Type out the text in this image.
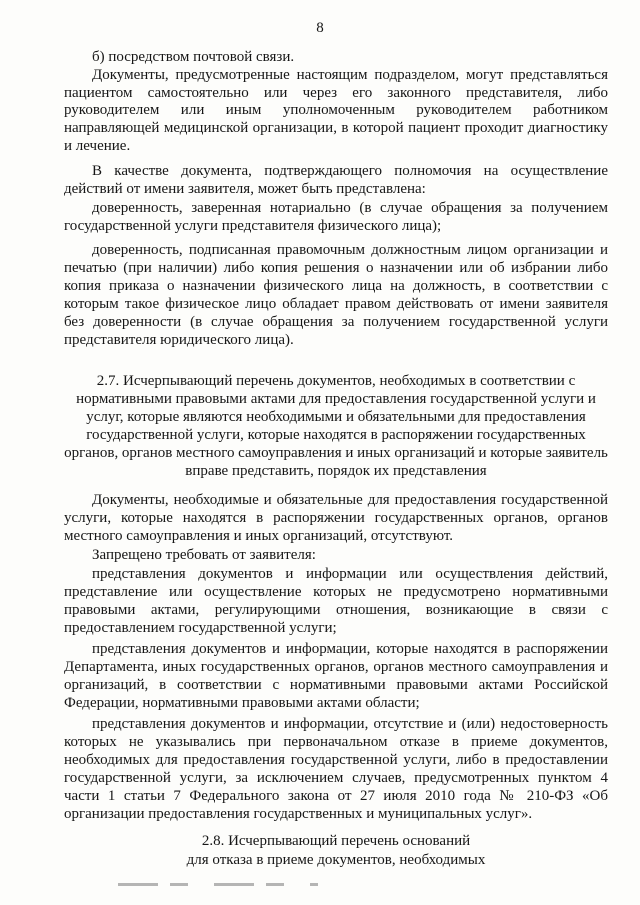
8
б) посредством почтовой связи.
Документы, предусмотренные настоящим подразделом, могут представляться
пациентом самостоятельно или через его законного представителя, либо
руководителем или иным уполномоченным руководителем работником
направляющей медицинской организации, в которой пациент проходит диагностику
и лечение.
В качестве документа, подтверждающего полномочия на осуществление
действий от имени заявителя, может быть представлена:
доверенность, заверенная нотариально (в случае обращения за получением
государственной услуги представителя физического лица);
доверенность, подписанная правомочным должностным лицом организации и
печатью (при наличии) либо копия решения о назначении или об избрании либо
копия приказа о назначении физического лица на должность, в соответствии с
которым такое физическое лицо обладает правом действовать от имени заявителя
без доверенности (в случае обращения за получением государственной услуги
представителя юридического лица).
2.7. Исчерпывающий перечень документов, необходимых в соответствии с
нормативными правовыми актами для предоставления государственной услуги и
услуг, которые являются необходимыми и обязательными для предоставления
государственной услуги, которые находятся в распоряжении государственных
органов, органов местного самоуправления и иных организаций и которые заявитель
вправе представить, порядок их представления
Документы, необходимые и обязательные для предоставления государственной
услуги, которые находятся в распоряжении государственных органов, органов
местного самоуправления и иных организаций, отсутствуют.
Запрещено требовать от заявителя:
представления документов и информации или осуществления действий,
представление или осуществление которых не предусмотрено нормативными
правовыми актами, регулирующими отношения, возникающие в связи с
предоставлением государственной услуги;
представления документов и информации, которые находятся в распоряжении
Департамента, иных государственных органов, органов местного самоуправления и
организаций, в соответствии с нормативными правовыми актами Российской
Федерации, нормативными правовыми актами области;
представления документов и информации, отсутствие и (или) недостоверность
которых не указывались при первоначальном отказе в приеме документов,
необходимых для предоставления государственной услуги, либо в предоставлении
государственной услуги, за исключением случаев, предусмотренных пунктом 4
части 1 статьи 7 Федерального закона от 27 июля 2010 года № 210-ФЗ «Об
организации предоставления государственных и муниципальных услуг».
2.8. Исчерпывающий перечень оснований
для отказа в приеме документов, необходимых
